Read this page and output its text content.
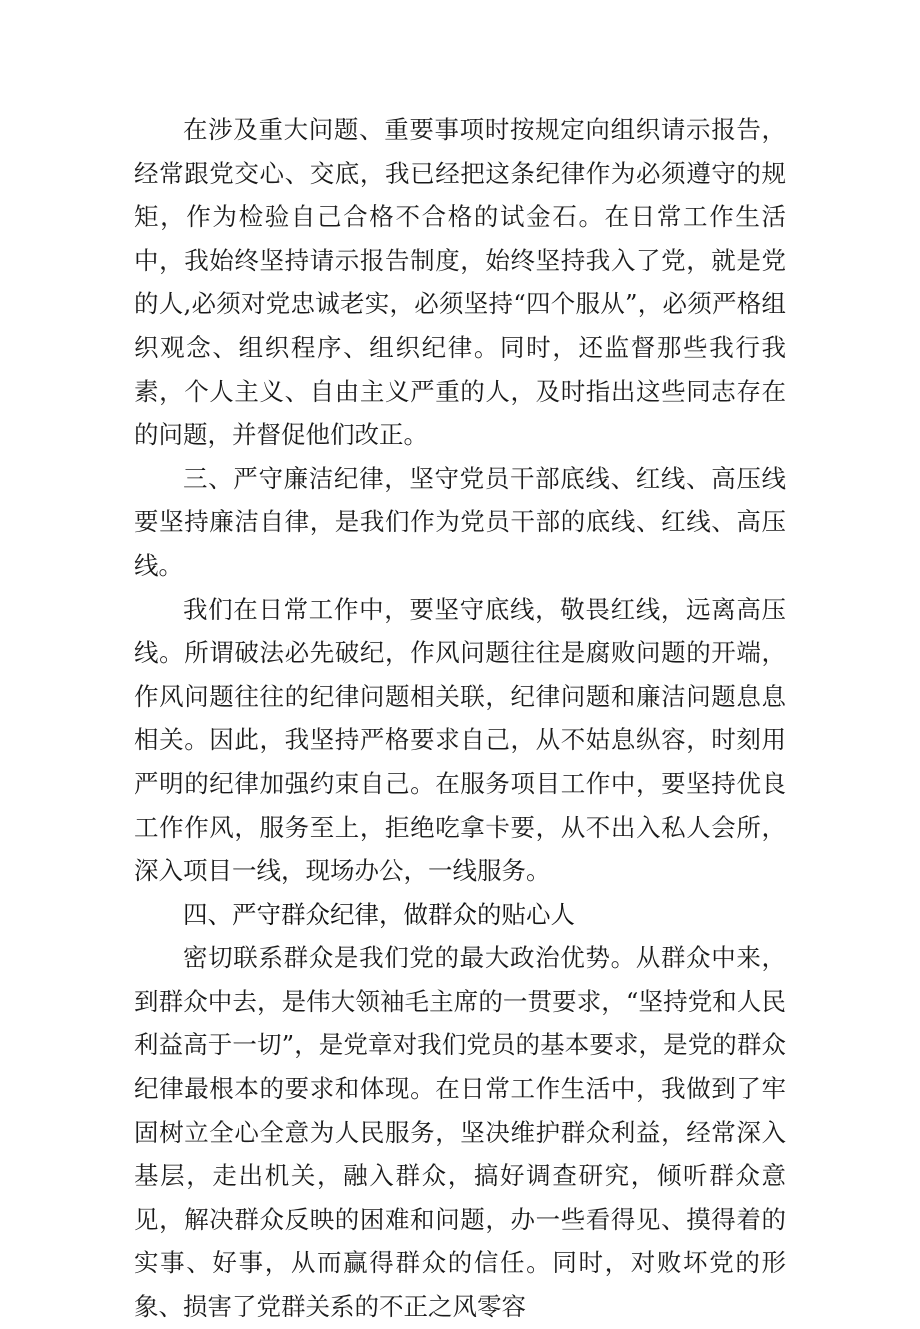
在涉及重大问题、重要事项时按规定向组织请示报告，经常跟党交心、交底，我已经把这条纪律作为必须遵守的规矩，作为检验自己合格不合格的试金石。在日常工作生活中，我始终坚持请示报告制度，始终坚持我入了党，就是党的人,必须对党忠诚老实，必须坚持“四个服从”，必须严格组织观念、组织程序、组织纪律。同时，还监督那些我行我素，个人主义、自由主义严重的人，及时指出这些同志存在的问题，并督促他们改正。

三、严守廉洁纪律，坚守党员干部底线、红线、高压线要坚持廉洁自律，是我们作为党员干部的底线、红线、高压线。

我们在日常工作中，要坚守底线，敬畏红线，远离高压线。所谓破法必先破纪，作风问题往往是腐败问题的开端，作风问题往往的纪律问题相关联，纪律问题和廉洁问题息息相关。因此，我坚持严格要求自己，从不姑息纵容，时刻用严明的纪律加强约束自己。在服务项目工作中，要坚持优良工作作风，服务至上，拒绝吃拿卡要，从不出入私人会所，深入项目一线，现场办公，一线服务。

四、严守群众纪律，做群众的贴心人

密切联系群众是我们党的最大政治优势。从群众中来，到群众中去，是伟大领袖毛主席的一贯要求，“坚持党和人民利益高于一切”，是党章对我们党员的基本要求，是党的群众纪律最根本的要求和体现。在日常工作生活中，我做到了牢固树立全心全意为人民服务，坚决维护群众利益，经常深入基层，走出机关，融入群众，搞好调查研究，倾听群众意见，解决群众反映的困难和问题，办一些看得见、摸得着的实事、好事，从而赢得群众的信任。同时，对败坏党的形象、损害了党群关系的不正之风零容
